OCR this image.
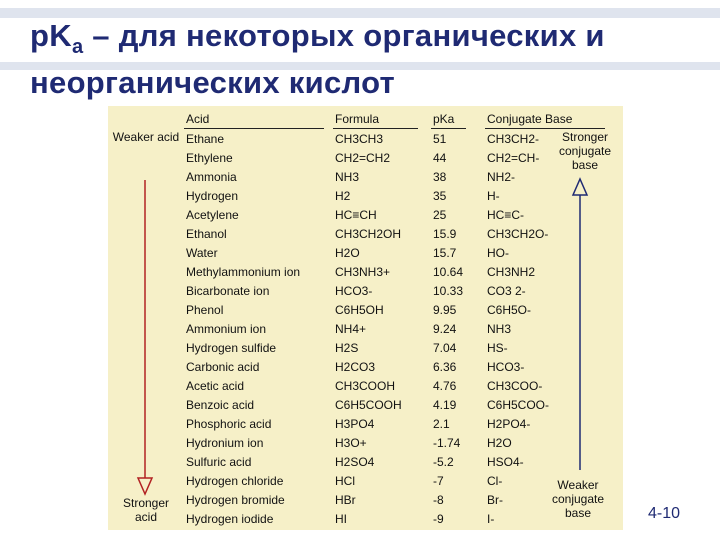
$pK_a$ – для некоторых органических и
неорганических кислот
Acid	Formula	pKa	Conjugate Base
Weaker acid
Stronger acid
Stronger conjugate base
Weaker conjugate base
Ethane	CH3CH3	51	CH3CH2-
Ethylene	CH2=CH2	44	CH2=CH-
Ammonia	NH3	38	NH2-
Hydrogen	H2	35	H-
Acetylene	HC≡CH	25	HC≡C-
Ethanol	CH3CH2OH	15.9	CH3CH2O-
Water	H2O	15.7	HO-
Methylammonium ion	CH3NH3+	10.64 CH3NH2
Bicarbonate ion	HCO3-	10.33 CO3 2-
Phenol	C6H5OH	9.95	C6H5O-
Ammonium ion	NH4+	9.24	NH3
Hydrogen sulfide	H2S	7.04	HS-
Carbonic acid	H2CO3	6.36	HCO3-
Acetic acid	CH3COOH	4.76	CH3COO-
Benzoic acid	C6H5COOH	4.19	C6H5COO-
Phosphoric acid	H3PO4	2.1	H2PO4-
Hydronium ion	H3O+	-1.74 H2O
Sulfuric acid	H2SO4	-5.2	HSO4-
Hydrogen chloride	HCl	-7	Cl-
Hydrogen bromide	HBr	-8	Br-
Hydrogen iodide	HI	-9	I-	4-10
